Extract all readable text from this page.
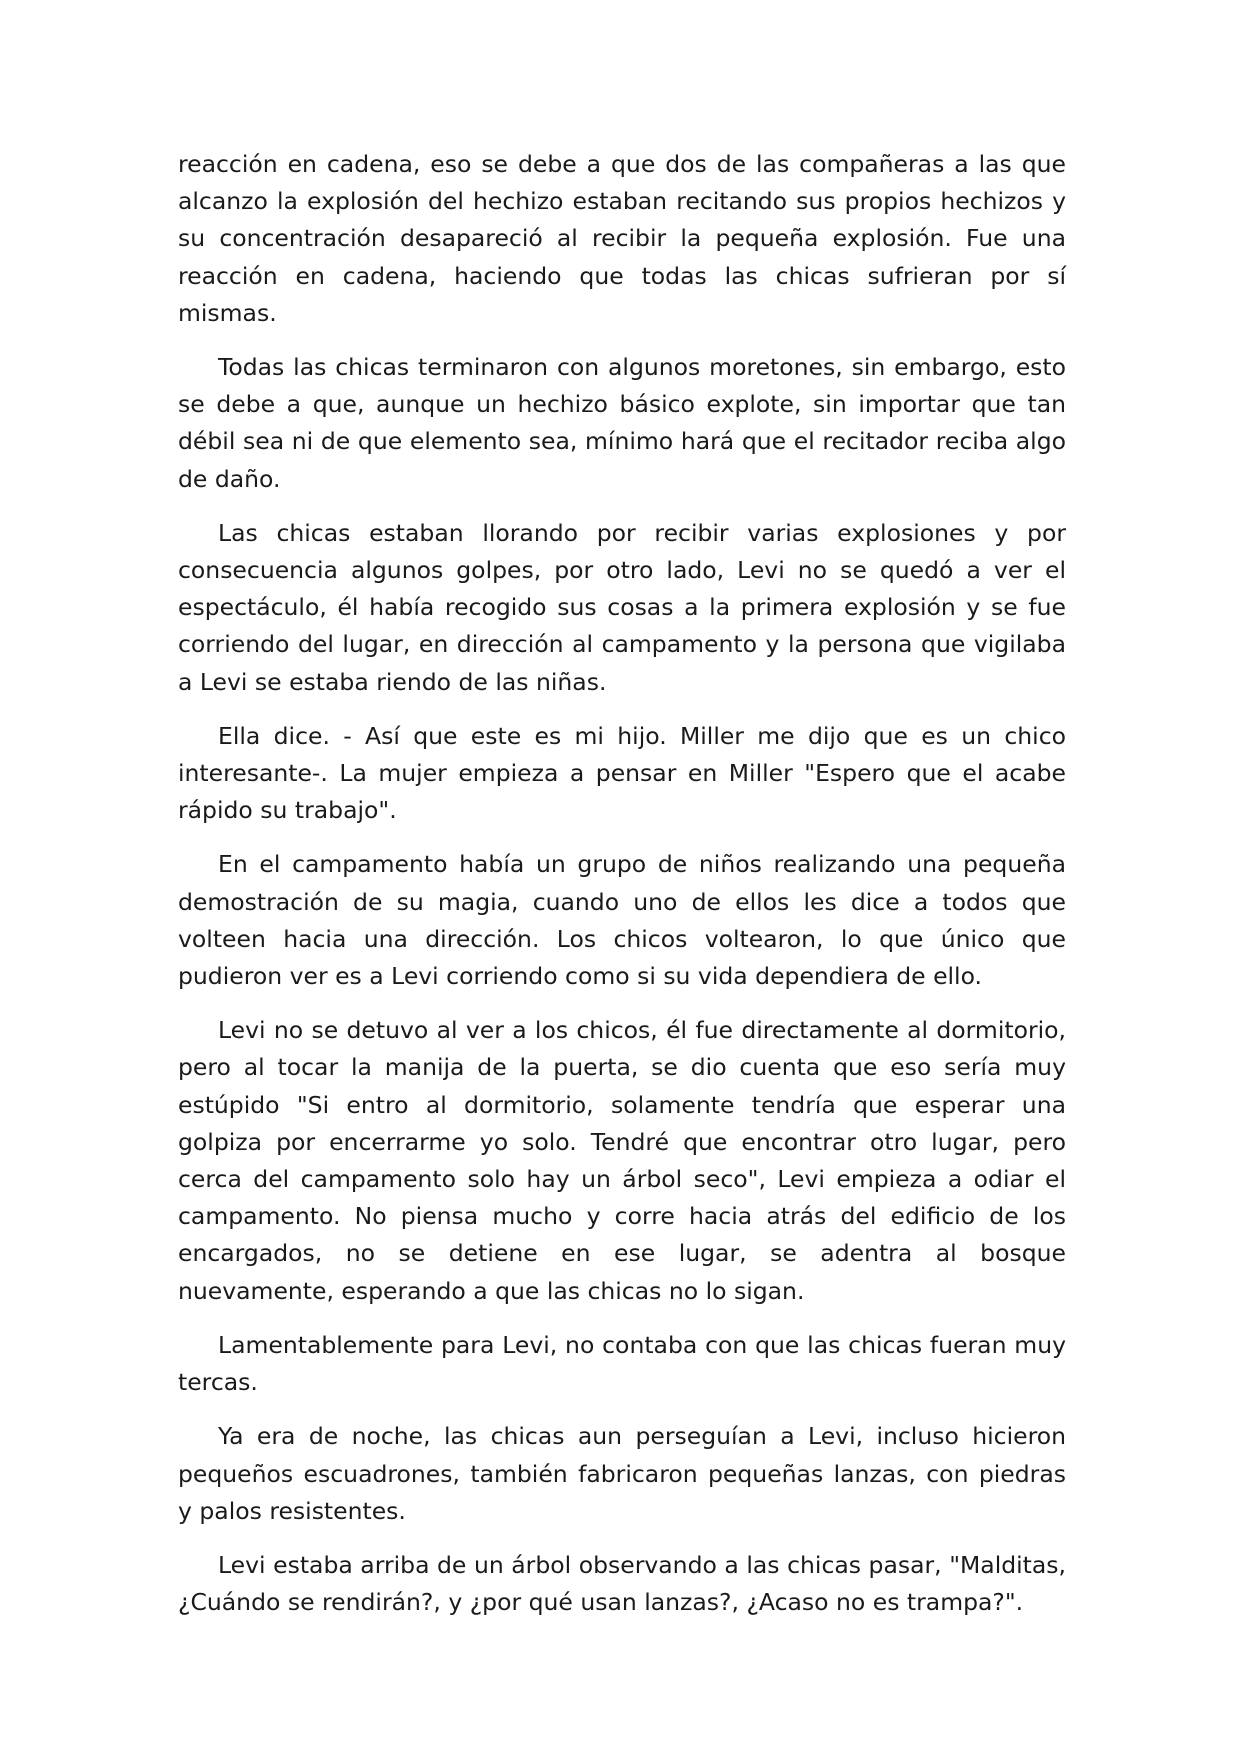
reacción en cadena, eso se debe a que dos de las compañeras a las que alcanzo la explosión del hechizo estaban recitando sus propios hechizos y su concentración desapareció al recibir la pequeña explosión. Fue una reacción en cadena, haciendo que todas las chicas sufrieran por sí mismas.

Todas las chicas terminaron con algunos moretones, sin embargo, esto se debe a que, aunque un hechizo básico explote, sin importar que tan débil sea ni de que elemento sea, mínimo hará que el recitador reciba algo de daño.

Las chicas estaban llorando por recibir varias explosiones y por consecuencia algunos golpes, por otro lado, Levi no se quedó a ver el espectáculo, él había recogido sus cosas a la primera explosión y se fue corriendo del lugar, en dirección al campamento y la persona que vigilaba a Levi se estaba riendo de las niñas.

Ella dice. - Así que este es mi hijo. Miller me dijo que es un chico interesante-. La mujer empieza a pensar en Miller "Espero que el acabe rápido su trabajo".

En el campamento había un grupo de niños realizando una pequeña demostración de su magia, cuando uno de ellos les dice a todos que volteen hacia una dirección. Los chicos voltearon, lo que único que pudieron ver es a Levi corriendo como si su vida dependiera de ello.

Levi no se detuvo al ver a los chicos, él fue directamente al dormitorio, pero al tocar la manija de la puerta, se dio cuenta que eso sería muy estúpido "Si entro al dormitorio, solamente tendría que esperar una golpiza por encerrarme yo solo. Tendré que encontrar otro lugar, pero cerca del campamento solo hay un árbol seco", Levi empieza a odiar el campamento. No piensa mucho y corre hacia atrás del edificio de los encargados, no se detiene en ese lugar, se adentra al bosque nuevamente, esperando a que las chicas no lo sigan.

Lamentablemente para Levi, no contaba con que las chicas fueran muy tercas.

Ya era de noche, las chicas aun perseguían a Levi, incluso hicieron pequeños escuadrones, también fabricaron pequeñas lanzas, con piedras y palos resistentes.

Levi estaba arriba de un árbol observando a las chicas pasar, "Malditas, ¿Cuándo se rendirán?, y ¿por qué usan lanzas?, ¿Acaso no es trampa?".
